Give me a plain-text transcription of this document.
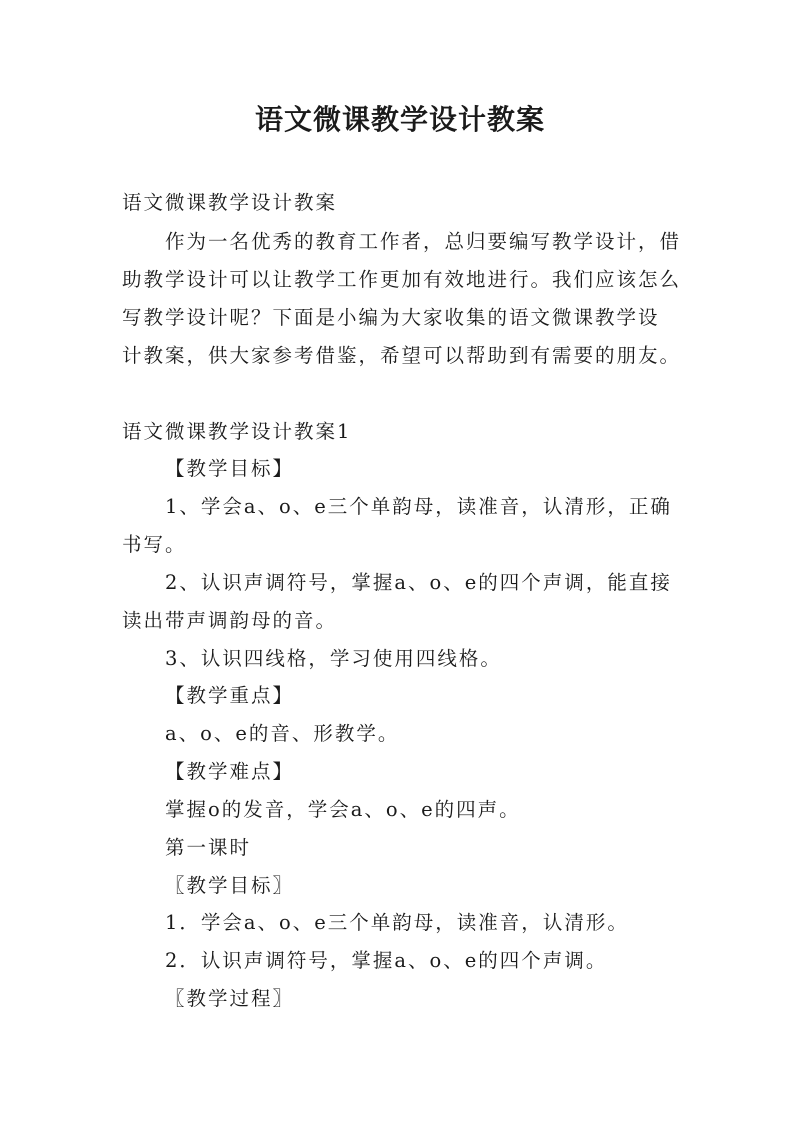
语文微课教学设计教案

语文微课教学设计教案

作为一名优秀的教育工作者，总归要编写教学设计，借

助教学设计可以让教学工作更加有效地进行。我们应该怎么

写教学设计呢？下面是小编为大家收集的语文微课教学设

计教案，供大家参考借鉴，希望可以帮助到有需要的朋友。

语文微课教学设计教案1

【教学目标】

1、学会a、o、e三个单韵母，读准音，认清形，正确

书写。

2、认识声调符号，掌握a、o、e的四个声调，能直接

读出带声调韵母的音。

3、认识四线格，学习使用四线格。

【教学重点】

a、o、e的音、形教学。

【教学难点】

掌握o的发音，学会a、o、e的四声。

第一课时

〖教学目标〗

1．学会a、o、e三个单韵母，读准音，认清形。

2．认识声调符号，掌握a、o、e的四个声调。

〖教学过程〗
